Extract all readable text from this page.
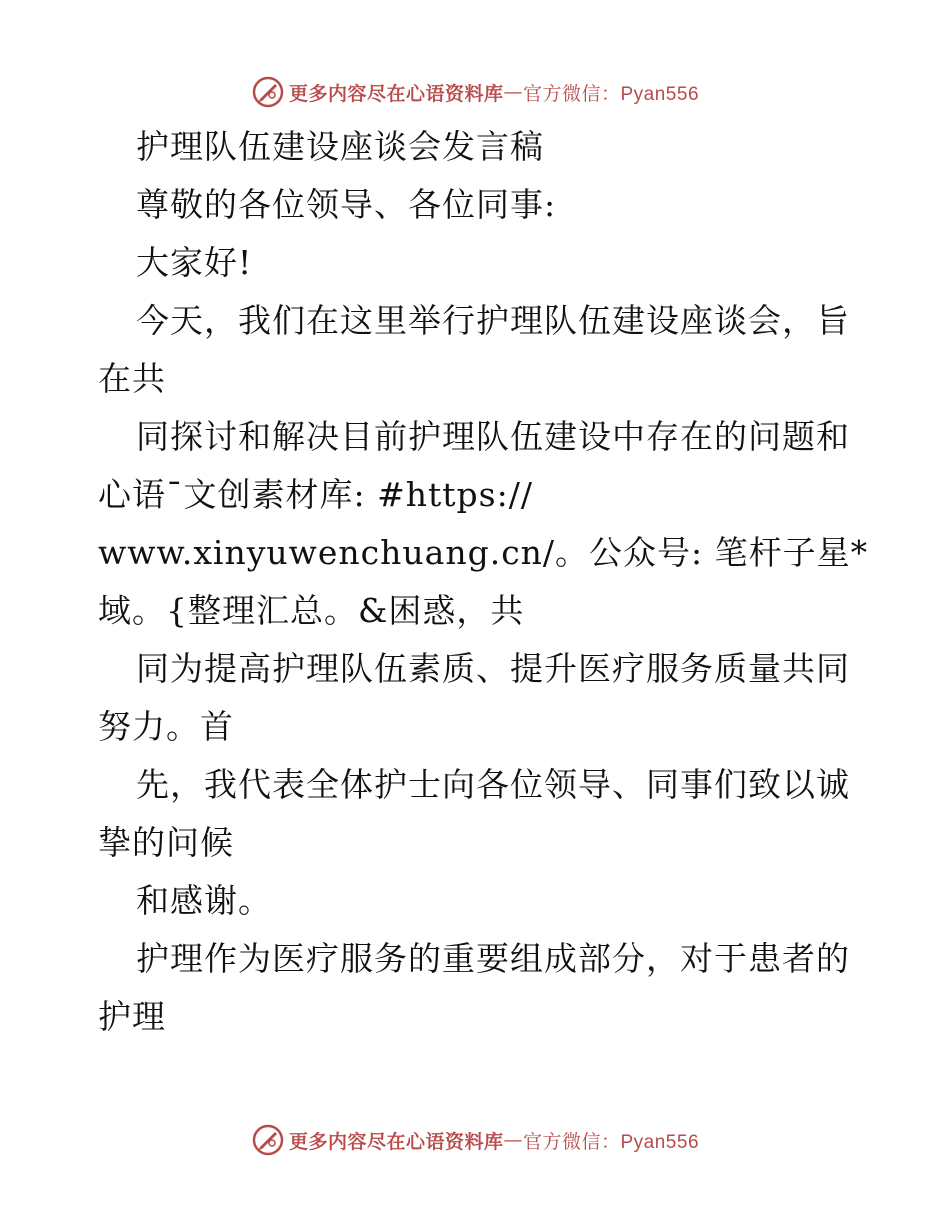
更多内容尽在心语资料库 — 官方微信：Pyan556
护理队伍建设座谈会发言稿
尊敬的各位领导、各位同事:
大家好!
今天，我们在这里举行护理队伍建设座谈会，旨
在共
同探讨和解决目前护理队伍建设中存在的问题和
心语¯文创素材库: #https://
www.xinyuwenchuang.cn/。公众号: 笔杆子星*
域。{整理汇总。&困惑，共
同为提高护理队伍素质、提升医疗服务质量共同
努力。首
先，我代表全体护士向各位领导、同事们致以诚
挚的问候
和感谢。
护理作为医疗服务的重要组成部分，对于患者的
护理
更多内容尽在心语资料库 — 官方微信：Pyan556
